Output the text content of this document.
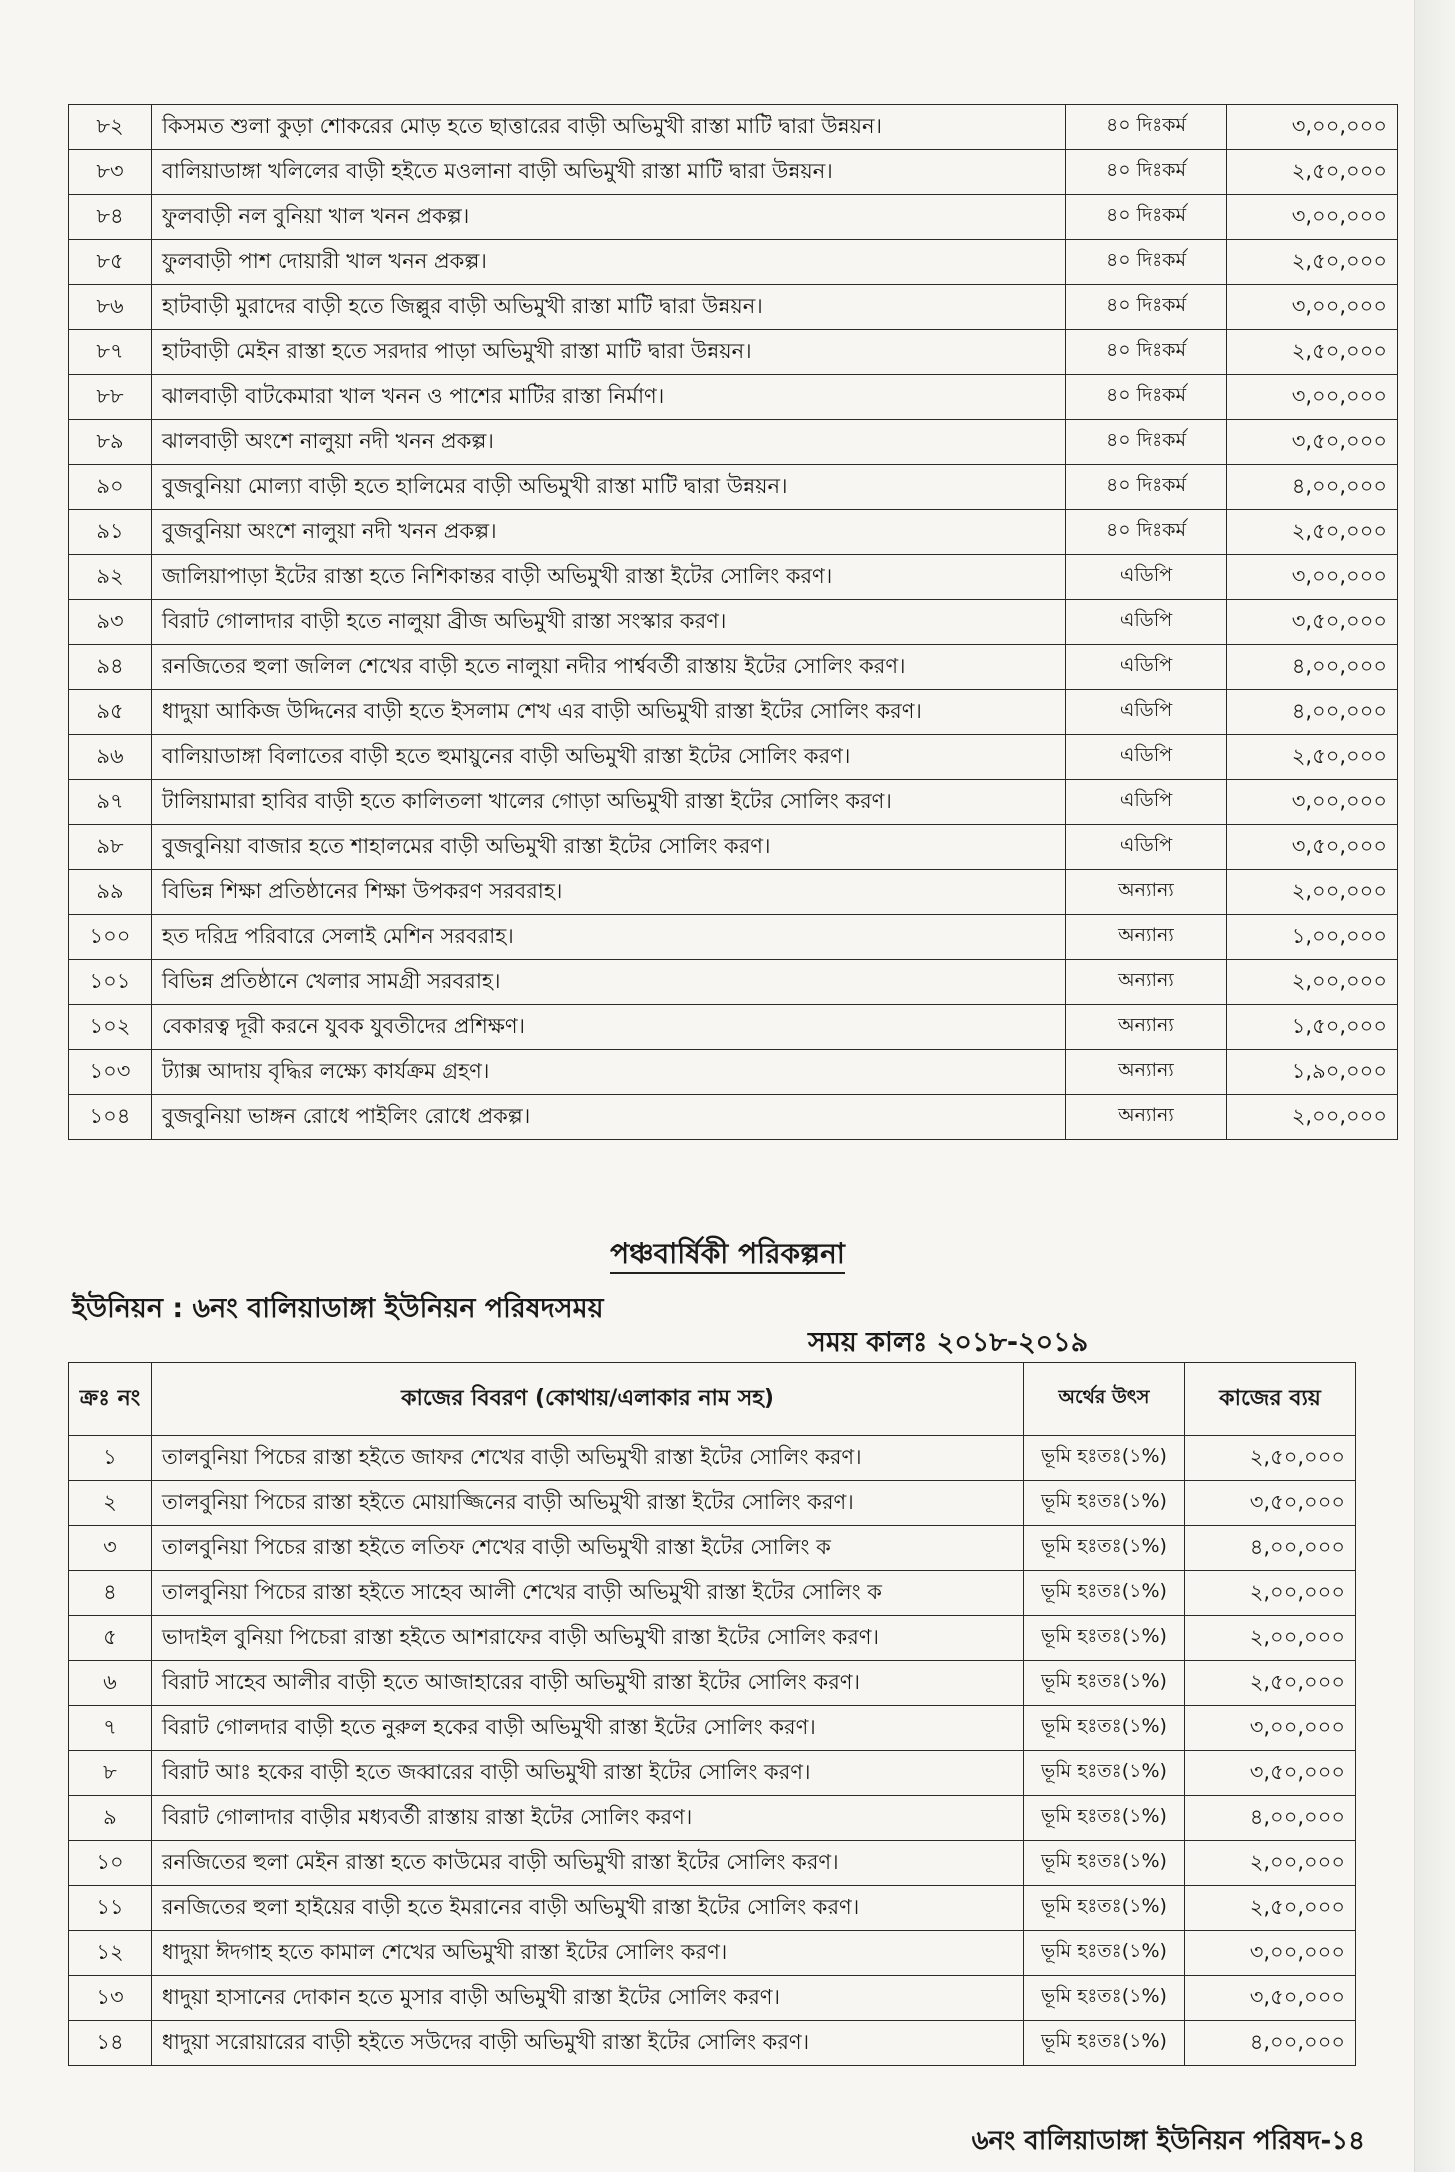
৮২	কিসমত শুলা কুড়া শোকরের মোড় হতে ছাত্তারের বাড়ী অভিমুখী রাস্তা মাটি দ্বারা উন্নয়ন।	৪০ দিঃকর্ম	৩,০০,০০০
৮৩	বালিয়াডাঙ্গা খলিলের বাড়ী হইতে মওলানা বাড়ী অভিমুখী রাস্তা মাটি দ্বারা উন্নয়ন।	৪০ দিঃকর্ম	২,৫০,০০০
৮৪	ফুলবাড়ী নল বুনিয়া খাল খনন প্রকল্প।	৪০ দিঃকর্ম	৩,০০,০০০
৮৫	ফুলবাড়ী পাশ দোয়ারী খাল খনন প্রকল্প।	৪০ দিঃকর্ম	২,৫০,০০০
৮৬	হাটবাড়ী মুরাদের বাড়ী হতে জিল্লুর বাড়ী অভিমুখী রাস্তা মাটি দ্বারা উন্নয়ন।	৪০ দিঃকর্ম	৩,০০,০০০
৮৭	হাটবাড়ী মেইন রাস্তা হতে সরদার পাড়া অভিমুখী রাস্তা মাটি দ্বারা উন্নয়ন।	৪০ দিঃকর্ম	২,৫০,০০০
৮৮	ঝালবাড়ী বাটকেমারা খাল খনন ও পাশের মাটির রাস্তা নির্মাণ।	৪০ দিঃকর্ম	৩,০০,০০০
৮৯	ঝালবাড়ী অংশে নালুয়া নদী খনন প্রকল্প।	৪০ দিঃকর্ম	৩,৫০,০০০
৯০	বুজবুনিয়া মোল্যা বাড়ী হতে হালিমের বাড়ী অভিমুখী রাস্তা মাটি দ্বারা উন্নয়ন।	৪০ দিঃকর্ম	৪,০০,০০০
৯১	বুজবুনিয়া অংশে নালুয়া নদী খনন প্রকল্প।	৪০ দিঃকর্ম	২,৫০,০০০
৯২	জালিয়াপাড়া ইটের রাস্তা হতে নিশিকান্তর বাড়ী অভিমুখী রাস্তা ইটের সোলিং করণ।	এডিপি	৩,০০,০০০
৯৩	বিরাট গোলাদার বাড়ী হতে নালুয়া ব্রীজ অভিমুখী রাস্তা সংস্কার করণ।	এডিপি	৩,৫০,০০০
৯৪	রনজিতের হুলা জলিল শেখের বাড়ী হতে নালুয়া নদীর পার্শ্ববর্তী রাস্তায় ইটের সোলিং করণ।	এডিপি	৪,০০,০০০
৯৫	ধাদুয়া আকিজ উদ্দিনের বাড়ী হতে ইসলাম শেখ এর বাড়ী অভিমুখী রাস্তা ইটের সোলিং করণ।	এডিপি	৪,০০,০০০
৯৬	বালিয়াডাঙ্গা বিলাতের বাড়ী হতে হুমায়ুনের বাড়ী অভিমুখী রাস্তা ইটের সোলিং করণ।	এডিপি	২,৫০,০০০
৯৭	টালিয়ামারা হাবির বাড়ী হতে কালিতলা খালের গোড়া অভিমুখী রাস্তা ইটের সোলিং করণ।	এডিপি	৩,০০,০০০
৯৮	বুজবুনিয়া বাজার হতে শাহালমের বাড়ী অভিমুখী রাস্তা ইটের সোলিং করণ।	এডিপি	৩,৫০,০০০
৯৯	বিভিন্ন শিক্ষা প্রতিষ্ঠানের শিক্ষা উপকরণ সরবরাহ।	অন্যান্য	২,০০,০০০
১০০	হত দরিদ্র পরিবারে সেলাই মেশিন সরবরাহ।	অন্যান্য	১,০০,০০০
১০১	বিভিন্ন প্রতিষ্ঠানে খেলার সামগ্রী সরবরাহ।	অন্যান্য	২,০০,০০০
১০২	বেকারত্ব দূরী করনে যুবক যুবতীদের প্রশিক্ষণ।	অন্যান্য	১,৫০,০০০
১০৩	ট্যাক্স আদায় বৃদ্ধির লক্ষ্যে কার্যক্রম গ্রহণ।	অন্যান্য	১,৯০,০০০
১০৪	বুজবুনিয়া ভাঙ্গন রোধে পাইলিং রোধে প্রকল্প।	অন্যান্য	২,০০,০০০
পঞ্চবার্ষিকী পরিকল্পনা
ইউনিয়ন : ৬নং বালিয়াডাঙ্গা ইউনিয়ন পরিষদসময়
সময় কালঃ ২০১৮-২০১৯
ক্রঃ নং	কাজের বিবরণ (কোথায়/এলাকার নাম সহ)	অর্থের উৎস	কাজের ব্যয়
১	তালবুনিয়া পিচের রাস্তা হইতে জাফর শেখের বাড়ী অভিমুখী রাস্তা ইটের সোলিং করণ।	ভূমি হঃতঃ(১%)	২,৫০,০০০
২	তালবুনিয়া পিচের রাস্তা হইতে মোয়াজ্জিনের বাড়ী অভিমুখী রাস্তা ইটের সোলিং করণ।	ভূমি হঃতঃ(১%)	৩,৫০,০০০
৩	তালবুনিয়া পিচের রাস্তা হইতে লতিফ শেখের বাড়ী অভিমুখী রাস্তা ইটের সোলিং ক	ভূমি হঃতঃ(১%)	৪,০০,০০০
৪	তালবুনিয়া পিচের রাস্তা হইতে সাহেব আলী শেখের বাড়ী অভিমুখী রাস্তা ইটের সোলিং ক	ভূমি হঃতঃ(১%)	২,০০,০০০
৫	ভাদাইল বুনিয়া পিচেরা রাস্তা হইতে আশরাফের বাড়ী অভিমুখী রাস্তা ইটের সোলিং করণ।	ভূমি হঃতঃ(১%)	২,০০,০০০
৬	বিরাট সাহেব আলীর বাড়ী হতে আজাহারের বাড়ী অভিমুখী রাস্তা ইটের সোলিং করণ।	ভূমি হঃতঃ(১%)	২,৫০,০০০
৭	বিরাট গোলদার বাড়ী হতে নুরুল হকের বাড়ী অভিমুখী রাস্তা ইটের সোলিং করণ।	ভূমি হঃতঃ(১%)	৩,০০,০০০
৮	বিরাট আঃ হকের বাড়ী হতে জব্বারের বাড়ী অভিমুখী রাস্তা ইটের সোলিং করণ।	ভূমি হঃতঃ(১%)	৩,৫০,০০০
৯	বিরাট গোলাদার বাড়ীর মধ্যবর্তী রাস্তায় রাস্তা ইটের সোলিং করণ।	ভূমি হঃতঃ(১%)	৪,০০,০০০
১০	রনজিতের হুলা মেইন রাস্তা হতে কাউমের বাড়ী অভিমুখী রাস্তা ইটের সোলিং করণ।	ভূমি হঃতঃ(১%)	২,০০,০০০
১১	রনজিতের হুলা হাইয়ের বাড়ী হতে ইমরানের বাড়ী অভিমুখী রাস্তা ইটের সোলিং করণ।	ভূমি হঃতঃ(১%)	২,৫০,০০০
১২	ধাদুয়া ঈদগাহ হতে কামাল শেখের অভিমুখী রাস্তা ইটের সোলিং করণ।	ভূমি হঃতঃ(১%)	৩,০০,০০০
১৩	ধাদুয়া হাসানের দোকান হতে মুসার বাড়ী অভিমুখী রাস্তা ইটের সোলিং করণ।	ভূমি হঃতঃ(১%)	৩,৫০,০০০
১৪	ধাদুয়া সরোয়ারের বাড়ী হইতে সউদের বাড়ী অভিমুখী রাস্তা ইটের সোলিং করণ।	ভূমি হঃতঃ(১%)	৪,০০,০০০
৬নং বালিয়াডাঙ্গা ইউনিয়ন পরিষদ-১৪
